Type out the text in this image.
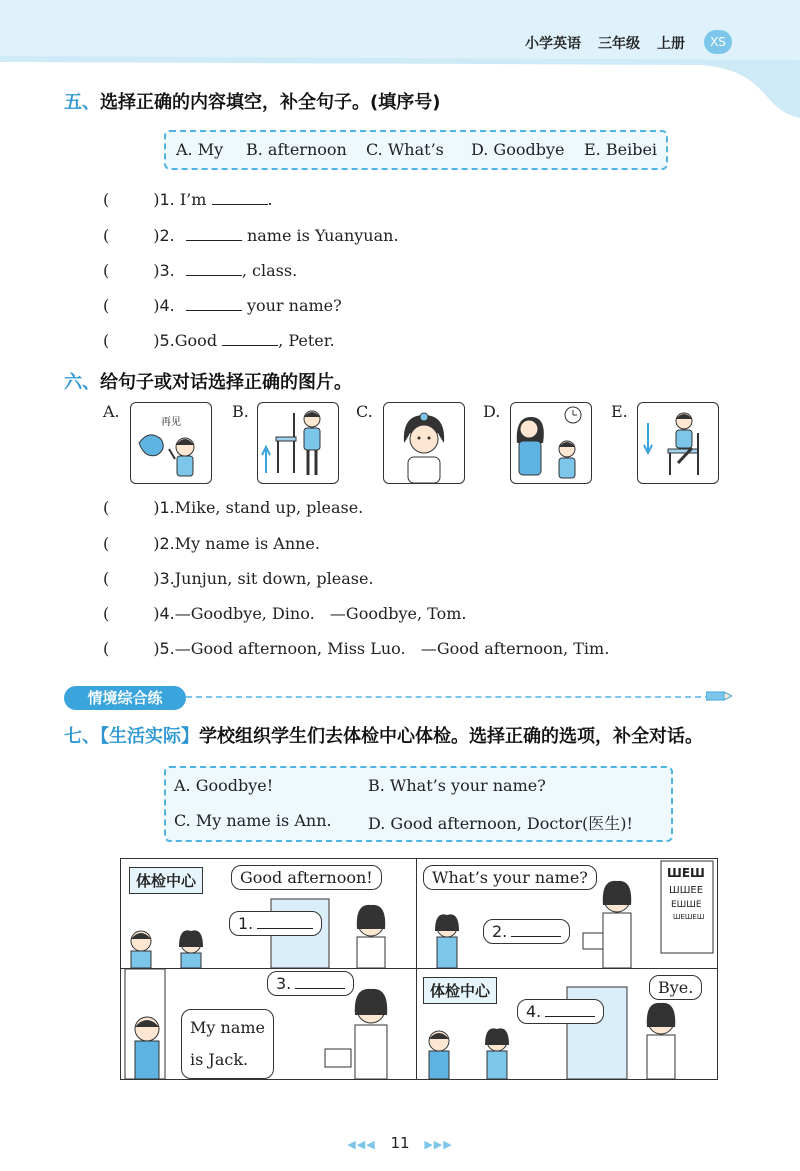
小学英语 三年级 上册	XS
五、选择正确的内容填空，补全句子。(填序号)
A. My B. afternoon C. What’s D. Goodbye E. Beibei
(	)1. I’m	.
(	)2.	name is Yuanyuan.
(	)3.	, class.
(	)4.	your name?
(	)5.Good	, Peter.
六、给句子或对话选择正确的图片。
A.
再见
B.	C.	D.	E.
(	)1.Mike, stand up, please.
(	)2.My name is Anne.
(	)3.Junjun, sit down, please.
(	)4.—Goodbye, Dino.   —Goodbye, Tom.
(	)5.—Good afternoon, Miss Luo.   —Good afternoon, Tim.
情境综合练
七、【生活实际】学校组织学生们去体检中心体检。选择正确的选项，补全对话。
A. Goodbye!	B. What’s your name?
C. My name is Ann. D. Good afternoon, Doctor(医生)!
体检中心	Good afternoon!
1.
ШЕШ
ШШЕЕ
ЕШШЕ
ШЕШЕШ
What’s your name?
2.
3.
My name
is Jack.
体检中心	Bye.
4.
◀◀◀ 11 ▶▶▶
